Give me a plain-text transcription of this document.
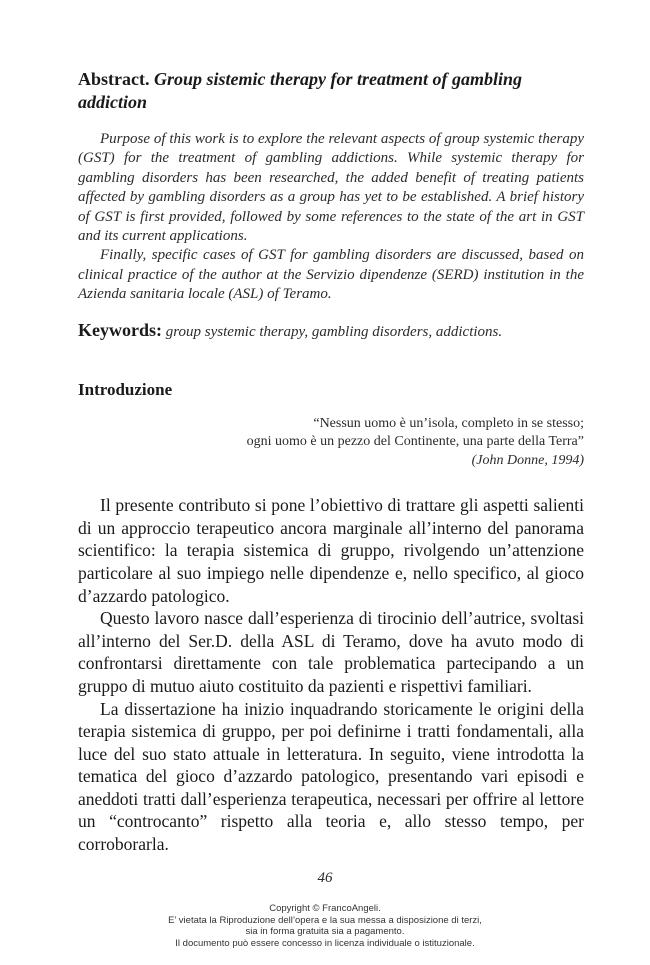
Abstract. Group sistemic therapy for treatment of gambling addiction

Purpose of this work is to explore the relevant aspects of group systemic therapy (GST) for the treatment of gambling addictions. While systemic therapy for gambling disorders has been researched, the added benefit of treating patients affected by gambling disorders as a group has yet to be established. A brief history of GST is first provided, followed by some references to the state of the art in GST and its current applications.

Finally, specific cases of GST for gambling disorders are discussed, based on clinical practice of the author at the Servizio dipendenze (SERD) institution in the Azienda sanitaria locale (ASL) of Teramo.

Keywords: group systemic therapy, gambling disorders, addictions.
Introduzione
“Nessun uomo è un’isola, completo in se stesso;
ogni uomo è un pezzo del Continente, una parte della Terra”
(John Donne, 1994)

Il presente contributo si pone l’obiettivo di trattare gli aspetti salienti di un approccio terapeutico ancora marginale all’interno del panorama scientifico: la terapia sistemica di gruppo, rivolgendo un’attenzione particolare al suo impiego nelle dipendenze e, nello specifico, al gioco d’azzardo patologico.

Questo lavoro nasce dall’esperienza di tirocinio dell’autrice, svoltasi all’interno del Ser.D. della ASL di Teramo, dove ha avuto modo di confrontarsi direttamente con tale problematica partecipando a un gruppo di mutuo aiuto costituito da pazienti e rispettivi familiari.

La dissertazione ha inizio inquadrando storicamente le origini della terapia sistemica di gruppo, per poi definirne i tratti fondamentali, alla luce del suo stato attuale in letteratura. In seguito, viene introdotta la tematica del gioco d’azzardo patologico, presentando vari episodi e aneddoti tratti dall’esperienza terapeutica, necessari per offrire al lettore un “controcanto” rispetto alla teoria e, allo stesso tempo, per corroborarla.

46
Copyright © FrancoAngeli.
E’ vietata la Riproduzione dell’opera e la sua messa a disposizione di terzi,
sia in forma gratuita sia a pagamento.
Il documento può essere concesso in licenza individuale o istituzionale.
